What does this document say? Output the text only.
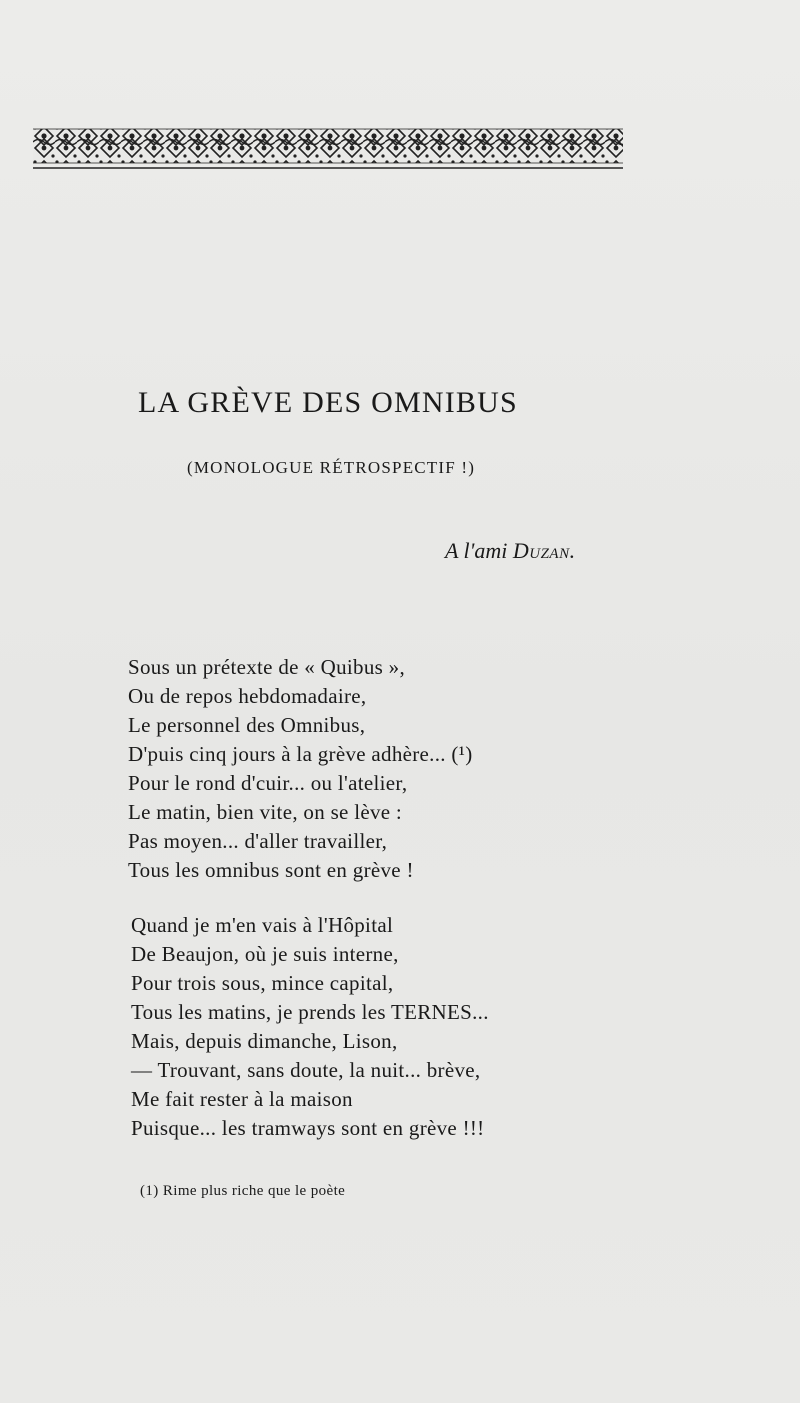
LA GRÈVE DES OMNIBUS
(MONOLOGUE RÉTROSPECTIF !)
A l'ami Duzan.
Sous un prétexte de « Quibus »,
Ou de repos hebdomadaire,
Le personnel des Omnibus,
D'puis cinq jours à la grève adhère... (¹)
Pour le rond d'cuir... ou l'atelier,
Le matin, bien vite, on se lève :
Pas moyen... d'aller travailler,
Tous les omnibus sont en grève !
Quand je m'en vais à l'Hôpital
De Beaujon, où je suis interne,
Pour trois sous, mince capital,
Tous les matins, je prends les TERNES...
Mais, depuis dimanche, Lison,
— Trouvant, sans doute, la nuit... brève,
Me fait rester à la maison
Puisque... les tramways sont en grève !!!
(1) Rime plus riche que le poète
